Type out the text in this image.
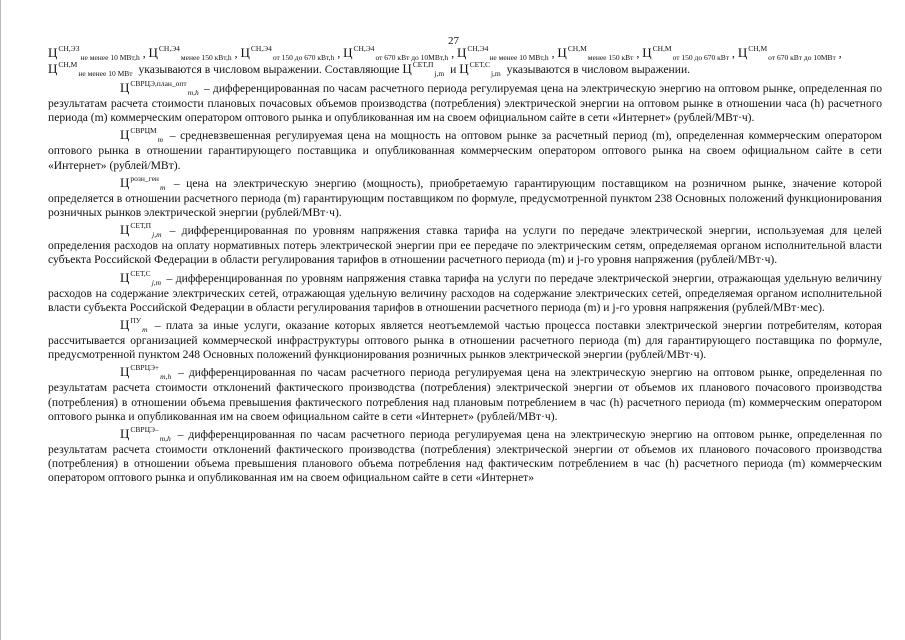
27

$Ц^{СН,ЭЗ}_{не менее 10 МВт,h}$ , $Ц^{СН,Э4}_{менее 150 кВт,h}$ , $Ц^{СН,Э4}_{от 150 до 670 кВт,h}$ , $Ц^{СН,Э4}_{от 670 кВт до 10МВт,h}$ , $Ц^{СН,Э4}_{не менее 10 МВт,h}$ , $Ц^{СН,М}_{менее 150 кВт}$ , $Ц^{СН,М}_{от 150 до 670 кВт}$ , $Ц^{СН,М}_{от 670 кВт до 10МВт}$ , $Ц^{СН,М}_{не менее 10 МВт}$ указываются в числовом выражении. Составляющие $Ц^{СЕТ,П}_{j,m}$ и $Ц^{СЕТ,С}_{j,m}$ указываются в числовом выражении.

$Ц^{СВРЦЭ,план\_опт}_{m,h}$ – дифференцированная по часам расчетного периода регулируемая цена на электрическую энергию на оптовом рынке, определенная по результатам расчета стоимости плановых почасовых объемов производства (потребления) электрической энергии на оптовом рынке в отношении часа (h) расчетного периода (m) коммерческим оператором оптового рынка и опубликованная им на своем официальном сайте в сети «Интернет» (рублей/МВт·ч).

$Ц^{СВРЦМ}_m$ – средневзвешенная регулируемая цена на мощность на оптовом рынке за расчетный период (m), определенная коммерческим оператором оптового рынка в отношении гарантирующего поставщика и опубликованная коммерческим оператором оптового рынка на своем официальном сайте в сети «Интернет» (рублей/МВт).

$Ц^{розн\_ген}_m$ – цена на электрическую энергию (мощность), приобретаемую гарантирующим поставщиком на розничном рынке, значение которой определяется в отношении расчетного периода (m) гарантирующим поставщиком по формуле, предусмотренной пунктом 238 Основных положений функционирования розничных рынков электрической энергии (рублей/МВт·ч).

$Ц^{СЕТ,П}_{j,m}$ – дифференцированная по уровням напряжения ставка тарифа на услуги по передаче электрической энергии, используемая для целей определения расходов на оплату нормативных потерь электрической энергии при ее передаче по электрическим сетям, определяемая органом исполнительной власти субъекта Российской Федерации в области регулирования тарифов в отношении расчетного периода (m) и j-го уровня напряжения (рублей/МВт·ч).

$Ц^{СЕТ,С}_{j,m}$ – дифференцированная по уровням напряжения ставка тарифа на услуги по передаче электрической энергии, отражающая удельную величину расходов на содержание электрических сетей, отражающая удельную величину расходов на содержание электрических сетей, определяемая органом исполнительной власти субъекта Российской Федерации в области регулирования тарифов в отношении расчетного периода (m) и j-го уровня напряжения (рублей/МВт·мес).

$Ц^{ПУ}_m$ – плата за иные услуги, оказание которых является неотъемлемой частью процесса поставки электрической энергии потребителям, которая рассчитывается организацией коммерческой инфраструктуры оптового рынка в отношении расчетного периода (m) для гарантирующего поставщика по формуле, предусмотренной пунктом 248 Основных положений функционирования розничных рынков электрической энергии (рублей/МВт·ч).

$Ц^{СВРЦЭ+}_{m,h}$ – дифференцированная по часам расчетного периода регулируемая цена на электрическую энергию на оптовом рынке, определенная по результатам расчета стоимости отклонений фактического производства (потребления) электрической энергии от объемов их планового почасового производства (потребления) в отношении объема превышения фактического потребления над плановым потреблением в час (h) расчетного периода (m) коммерческим оператором оптового рынка и опубликованная им на своем официальном сайте в сети «Интернет» (рублей/МВт·ч).

$Ц^{СВРЦЭ-}_{m,h}$ – дифференцированная по часам расчетного периода регулируемая цена на электрическую энергию на оптовом рынке, определенная по результатам расчета стоимости отклонений фактического производства (потребления) электрической энергии от объемов их планового почасового производства (потребления) в отношении объема превышения планового объема потребления над фактическим потреблением в час (h) расчетного периода (m) коммерческим оператором оптового рынка и опубликованная им на своем официальном сайте в сети «Интернет»
